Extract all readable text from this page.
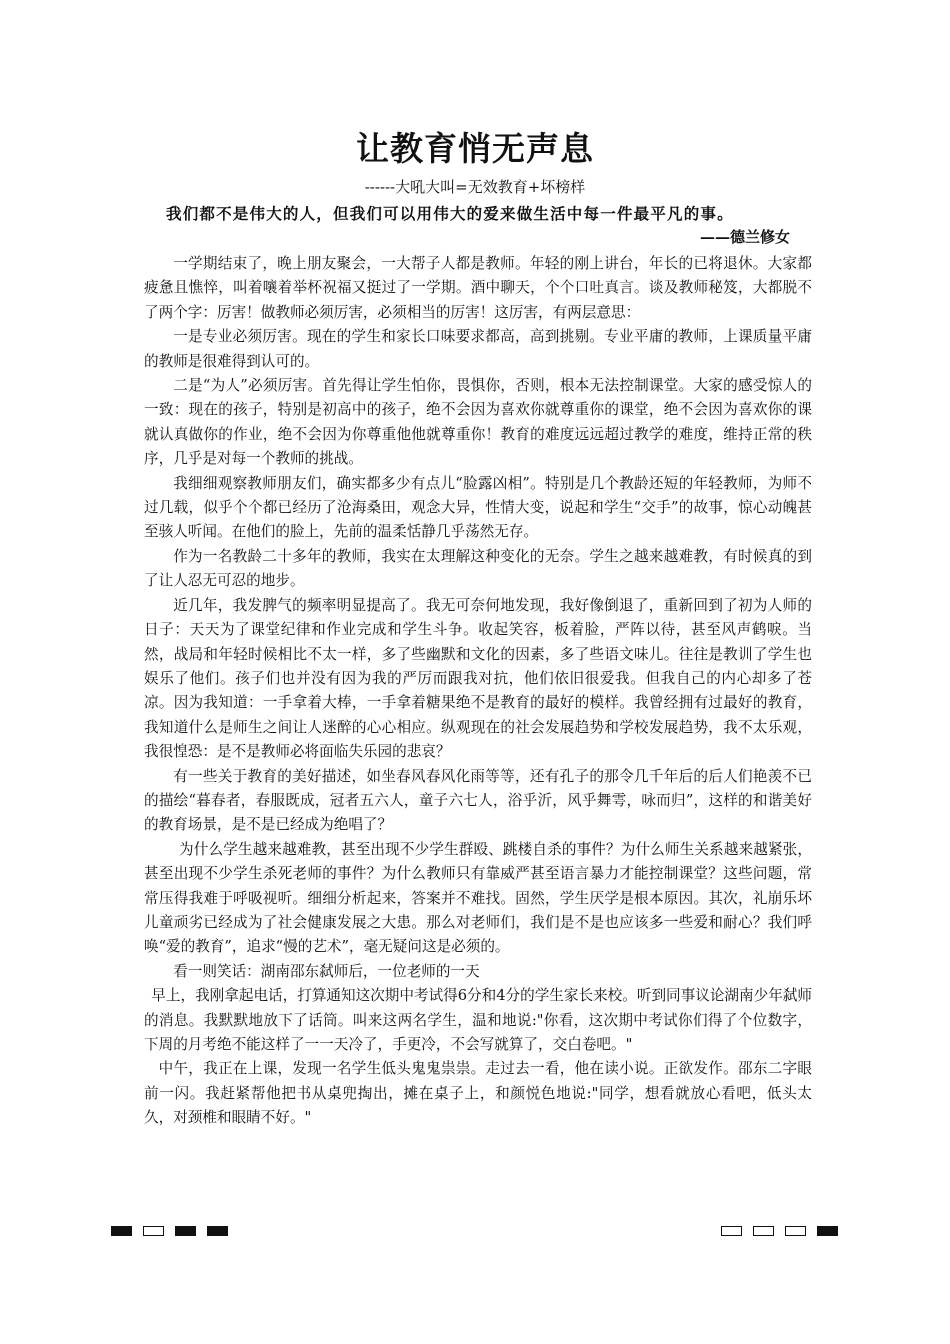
让教育悄无声息
------大吼大叫=无效教育+坏榜样
我们都不是伟大的人，但我们可以用伟大的爱来做生活中每一件最平凡的事。
——德兰修女

一学期结束了，晚上朋友聚会，一大帮子人都是教师。年轻的刚上讲台，年长的已将退休。大家都疲惫且憔悴，叫着嚷着举杯祝福又挺过了一学期。酒中聊天，个个口吐真言。谈及教师秘笈，大都脱不了两个字：厉害！做教师必须厉害，必须相当的厉害！这厉害，有两层意思：

一是专业必须厉害。现在的学生和家长口味要求都高，高到挑剔。专业平庸的教师，上课质量平庸的教师是很难得到认可的。

二是“为人”必须厉害。首先得让学生怕你，畏惧你，否则，根本无法控制课堂。大家的感受惊人的一致：现在的孩子，特别是初高中的孩子，绝不会因为喜欢你就尊重你的课堂，绝不会因为喜欢你的课就认真做你的作业，绝不会因为你尊重他他就尊重你！教育的难度远远超过教学的难度，维持正常的秩序，几乎是对每一个教师的挑战。

我细细观察教师朋友们，确实都多少有点儿“脸露凶相”。特别是几个教龄还短的年轻教师，为师不过几载，似乎个个都已经历了沧海桑田，观念大异，性情大变，说起和学生“交手”的故事，惊心动魄甚至骇人听闻。在他们的脸上，先前的温柔恬静几乎荡然无存。

作为一名教龄二十多年的教师，我实在太理解这种变化的无奈。学生之越来越难教，有时候真的到了让人忍无可忍的地步。

近几年，我发脾气的频率明显提高了。我无可奈何地发现，我好像倒退了，重新回到了初为人师的日子：天天为了课堂纪律和作业完成和学生斗争。收起笑容，板着脸，严阵以待，甚至风声鹤唳。当然，战局和年轻时候相比不太一样，多了些幽默和文化的因素，多了些语文味儿。往往是教训了学生也娱乐了他们。孩子们也并没有因为我的严厉而跟我对抗，他们依旧很爱我。但我自己的内心却多了苍凉。因为我知道：一手拿着大棒，一手拿着糖果绝不是教育的最好的模样。我曾经拥有过最好的教育，我知道什么是师生之间让人迷醉的心心相应。纵观现在的社会发展趋势和学校发展趋势，我不太乐观，我很惶恐：是不是教师必将面临失乐园的悲哀？

有一些关于教育的美好描述，如坐春风春风化雨等等，还有孔子的那令几千年后的后人们艳羡不已的描绘“暮春者，春服既成，冠者五六人，童子六七人，浴乎沂，风乎舞雩，咏而归”，这样的和谐美好的教育场景，是不是已经成为绝唱了？

为什么学生越来越难教，甚至出现不少学生群殴、跳楼自杀的事件？为什么师生关系越来越紧张，甚至出现不少学生杀死老师的事件？为什么教师只有靠威严甚至语言暴力才能控制课堂？这些问题，常常压得我难于呼吸视听。细细分析起来，答案并不难找。固然，学生厌学是根本原因。其次，礼崩乐坏儿童顽劣已经成为了社会健康发展之大患。那么对老师们，我们是不是也应该多一些爱和耐心？我们呼唤“爱的教育”，追求“慢的艺术”，毫无疑问这是必须的。

看一则笑话：湖南邵东弑师后，一位老师的一天

早上，我刚拿起电话，打算通知这次期中考试得6分和4分的学生家长来校。听到同事议论湖南少年弑师的消息。我默默地放下了话筒。叫来这两名学生，温和地说:"你看，这次期中考试你们得了个位数字，下周的月考绝不能这样了一一天冷了，手更冷，不会写就算了，交白卷吧。"

中午，我正在上课，发现一名学生低头鬼鬼祟祟。走过去一看，他在读小说。正欲发作。邵东二字眼前一闪。我赶紧帮他把书从桌兜掏出，摊在桌子上，和颜悦色地说:"同学，想看就放心看吧，低头太久，对颈椎和眼睛不好。"
